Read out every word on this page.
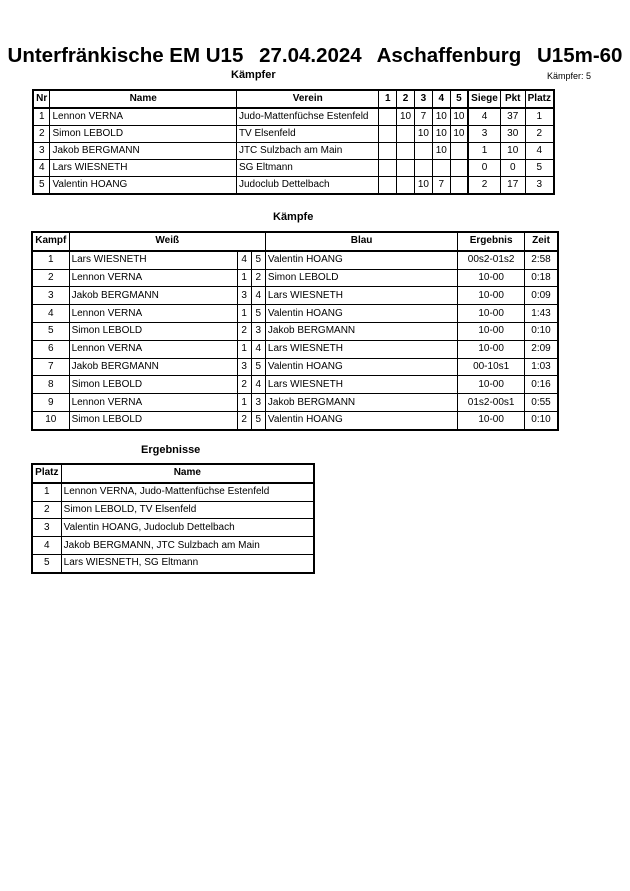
Unterfränkische EM U15 27.04.2024 Aschaffenburg U15m-60
Kämpfer	Kämpfer: 5
Nr	Name	Verein	1	2	3	4	5	Siege	Pkt	Platz
1	Lennon VERNA	Judo-Mattenfüchse Estenfeld		10	7	10	10	4	37	1
2	Simon LEBOLD	TV Elsenfeld			10	10	10	3	30	2
3	Jakob BERGMANN	JTC Sulzbach am Main				10		1	10	4
4	Lars WIESNETH	SG Eltmann						0	0	5
5	Valentin HOANG	Judoclub Dettelbach			10	7		2	17	3
Kämpfe
Kampf	Weiß			Blau	Ergebnis	Zeit
1	Lars WIESNETH	4	5	Valentin HOANG	00s2-01s2	2:58
2	Lennon VERNA	1	2	Simon LEBOLD	10-00	0:18
3	Jakob BERGMANN	3	4	Lars WIESNETH	10-00	0:09
4	Lennon VERNA	1	5	Valentin HOANG	10-00	1:43
5	Simon LEBOLD	2	3	Jakob BERGMANN	10-00	0:10
6	Lennon VERNA	1	4	Lars WIESNETH	10-00	2:09
7	Jakob BERGMANN	3	5	Valentin HOANG	00-10s1	1:03
8	Simon LEBOLD	2	4	Lars WIESNETH	10-00	0:16
9	Lennon VERNA	1	3	Jakob BERGMANN	01s2-00s1	0:55
10	Simon LEBOLD	2	5	Valentin HOANG	10-00	0:10
Ergebnisse
Platz	Name
1	Lennon VERNA, Judo-Mattenfüchse Estenfeld
2	Simon LEBOLD, TV Elsenfeld
3	Valentin HOANG, Judoclub Dettelbach
4	Jakob BERGMANN, JTC Sulzbach am Main
5	Lars WIESNETH, SG Eltmann
